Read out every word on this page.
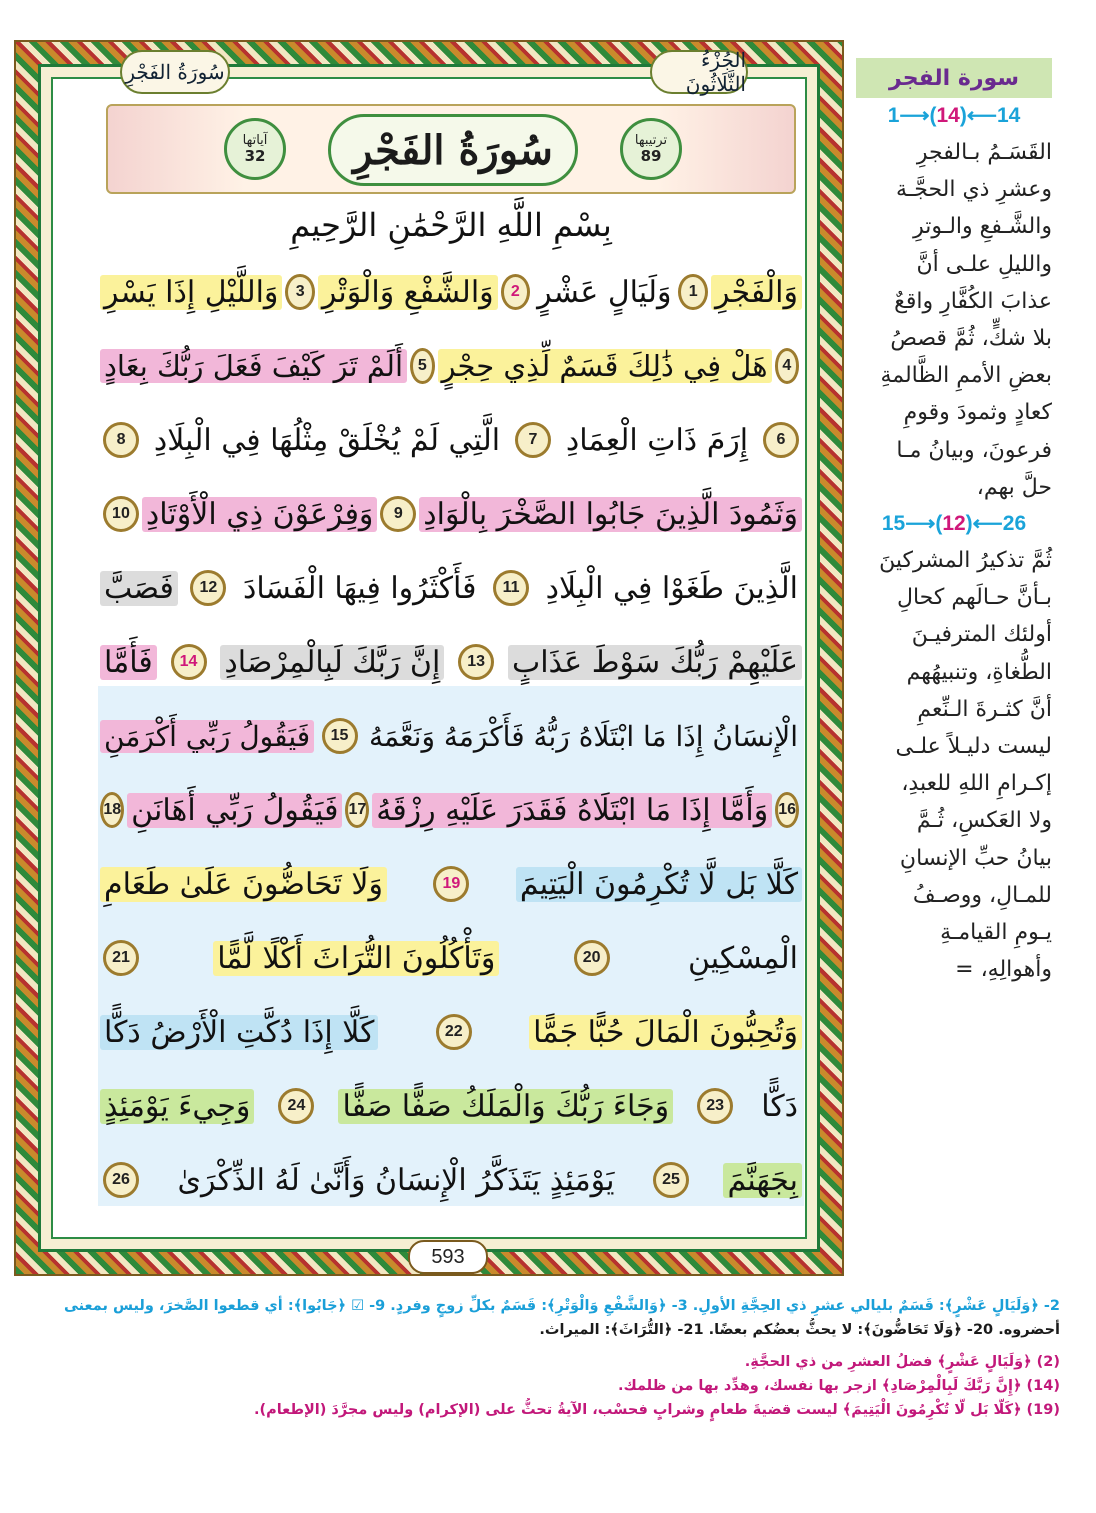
الجُزْءُ الثَّلَاثُونَ
سُورَةُ الفَجْرِ
ترتيبها
89
سُورَةُ الفَجْرِ
آياتها
32
بِسْمِ اللَّهِ الرَّحْمَٰنِ الرَّحِيمِ
وَالْفَجْرِ
1
وَلَيَالٍ عَشْرٍ
2
وَالشَّفْعِ وَالْوَتْرِ
3
وَاللَّيْلِ إِذَا يَسْرِ
4
هَلْ فِي ذَٰلِكَ قَسَمٌ لِّذِي حِجْرٍ
5
أَلَمْ تَرَ كَيْفَ فَعَلَ رَبُّكَ بِعَادٍ
6
إِرَمَ ذَاتِ الْعِمَادِ
7
الَّتِي لَمْ يُخْلَقْ مِثْلُهَا فِي الْبِلَادِ
8
وَثَمُودَ الَّذِينَ جَابُوا الصَّخْرَ بِالْوَادِ
9
وَفِرْعَوْنَ ذِي الْأَوْتَادِ
10
الَّذِينَ طَغَوْا فِي الْبِلَادِ
11
فَأَكْثَرُوا فِيهَا الْفَسَادَ
12
فَصَبَّ
عَلَيْهِمْ رَبُّكَ سَوْطَ عَذَابٍ
13
إِنَّ رَبَّكَ لَبِالْمِرْصَادِ
14
فَأَمَّا
الْإِنسَانُ إِذَا مَا ابْتَلَاهُ رَبُّهُ فَأَكْرَمَهُ وَنَعَّمَهُ
15
فَيَقُولُ رَبِّي أَكْرَمَنِ
16
وَأَمَّا إِذَا مَا ابْتَلَاهُ فَقَدَرَ عَلَيْهِ رِزْقَهُ
17
فَيَقُولُ رَبِّي أَهَانَنِ
18
كَلَّا بَل لَّا تُكْرِمُونَ الْيَتِيمَ
19
وَلَا تَحَاضُّونَ عَلَىٰ طَعَامِ
الْمِسْكِينِ
20
وَتَأْكُلُونَ التُّرَاثَ أَكْلًا لَّمًّا
21
وَتُحِبُّونَ الْمَالَ حُبًّا جَمًّا
22
كَلَّا إِذَا دُكَّتِ الْأَرْضُ دَكًّا
دَكًّا
23
وَجَاءَ رَبُّكَ وَالْمَلَكُ صَفًّا صَفًّا
24
وَجِيءَ يَوْمَئِذٍ
بِجَهَنَّمَ
25
يَوْمَئِذٍ يَتَذَكَّرُ الْإِنسَانُ وَأَنَّىٰ لَهُ الذِّكْرَىٰ
26
593
سورة الفجر
1⟶(14)⟵14
القَسَـمُ بـالفجرِ
وعشرِ ذي الحجَّـة
والشَّـفعِ والـوترِ
والليلِ علـى أنَّ
عذابَ الكُفَّارِ واقعٌ
بلا شكٍّ، ثُمَّ قصصُ
بعضِ الأممِ الظَّالمةِ
كعادٍ وثمودَ وقومِ
فرعونَ، وبيانُ مـا
حلَّ بهم،
15⟶(12)⟵26
ثُمَّ تذكيرُ المشركينَ
بـأنَّ حـالَهم كحالِ
أولئك المترفيـنَ
الطُّغاةِ، وتنبيهُهم
أنَّ كثـرةَ الـنِّعمِ
ليست دليـلاً علـى
إكـرامِ اللهِ للعبدِ،
ولا العَكسِ، ثُـمَّ
بيانُ حبِّ الإنسانِ
للمـالِ، ووصـفُ
يـومِ القيامـةِ
وأهوالِهِ، =
2- ﴿وَلَيَالٍ عَشْرٍ﴾: قَسَمٌ بليالي عشرِ ذي الحِجَّةِ الأولِ. 3- ﴿وَالشَّفْعِ وَالْوَتْرِ﴾: قَسَمٌ بكلِّ زوجٍ وفردٍ. 9- ☑ ﴿جَابُوا﴾: أي قطعوا الصَّخرَ، وليس بمعنى
أحضروه. 20- ﴿وَلَا تَحَاضُّونَ﴾: لا يحثُّ بعضُكم بعضًا. 21- ﴿التُّرَاثَ﴾: الميراث.
(2) ﴿وَلَيَالٍ عَشْرٍ﴾ فضلُ العشرِ من ذي الحجَّةِ.
(14) ﴿إِنَّ رَبَّكَ لَبِالْمِرْصَادِ﴾ ازجر بها نفسك، وهدِّد بها من ظلمك.
(19) ﴿كَلَّا بَل لَّا تُكْرِمُونَ الْيَتِيمَ﴾ ليست قضيةَ طعامٍ وشرابٍ فحسْب، الآيةُ تحثُّ على (الإكرام) وليس مجرَّدَ (الإطعام).
